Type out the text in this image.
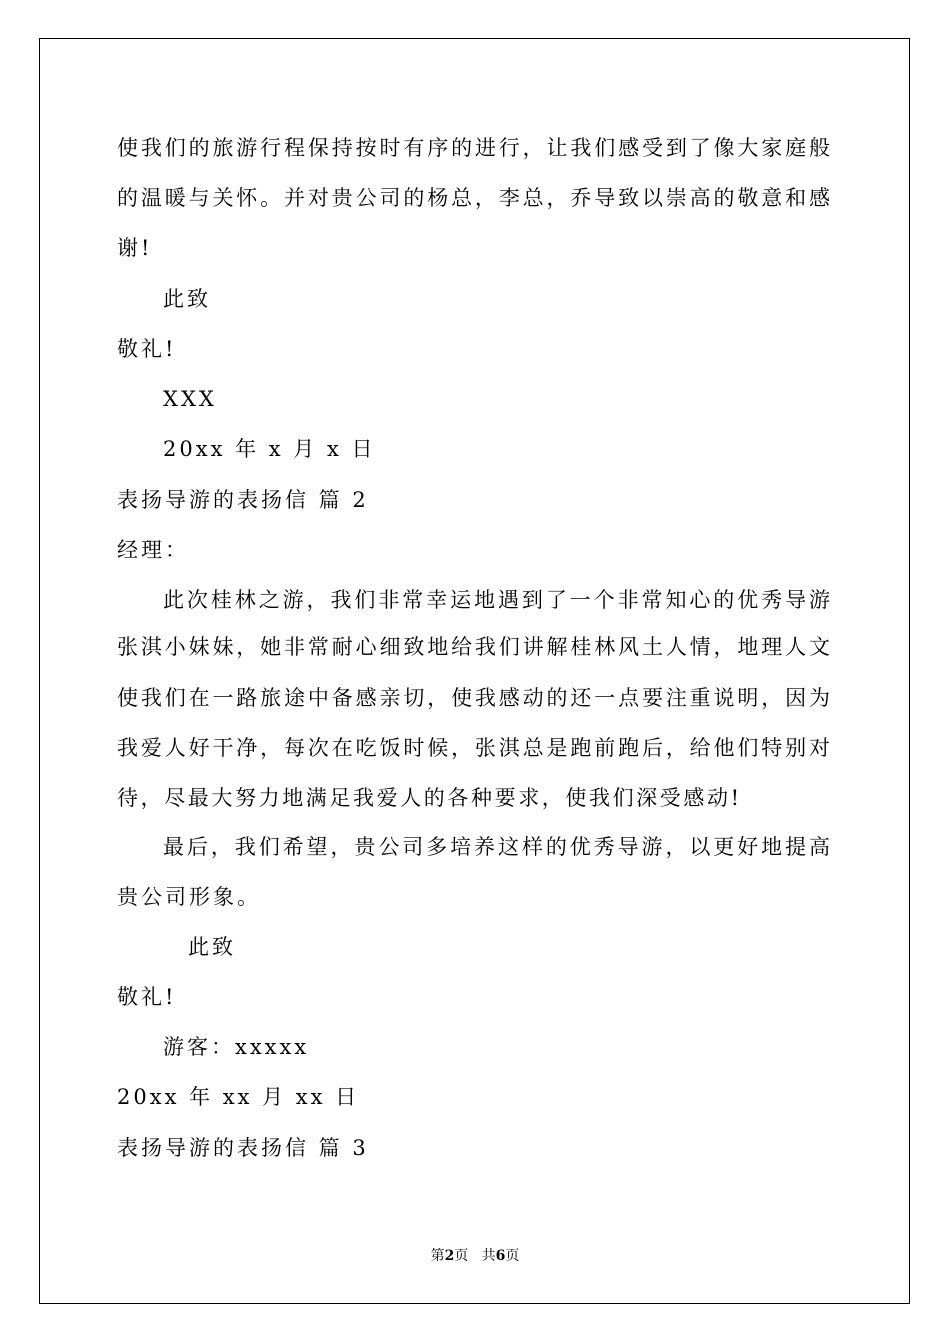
使我们的旅游行程保持按时有序的进行，让我们感受到了像大家庭般
的温暖与关怀。并对贵公司的杨总，李总，乔导致以崇高的敬意和感
谢!
此致
敬礼!
XXX
20xx 年 x 月 x 日
表扬导游的表扬信 篇 2
经理：
此次桂林之游，我们非常幸运地遇到了一个非常知心的优秀导游
张淇小妹妹，她非常耐心细致地给我们讲解桂林风土人情，地理人文
使我们在一路旅途中备感亲切，使我感动的还一点要注重说明，因为
我爱人好干净，每次在吃饭时候，张淇总是跑前跑后，给他们特别对
待，尽最大努力地满足我爱人的各种要求，使我们深受感动!
最后，我们希望，贵公司多培养这样的优秀导游，以更好地提高
贵公司形象。
此致
敬礼!
游客：xxxxx
20xx 年 xx 月 xx 日
表扬导游的表扬信 篇 3
第2页 共6页
